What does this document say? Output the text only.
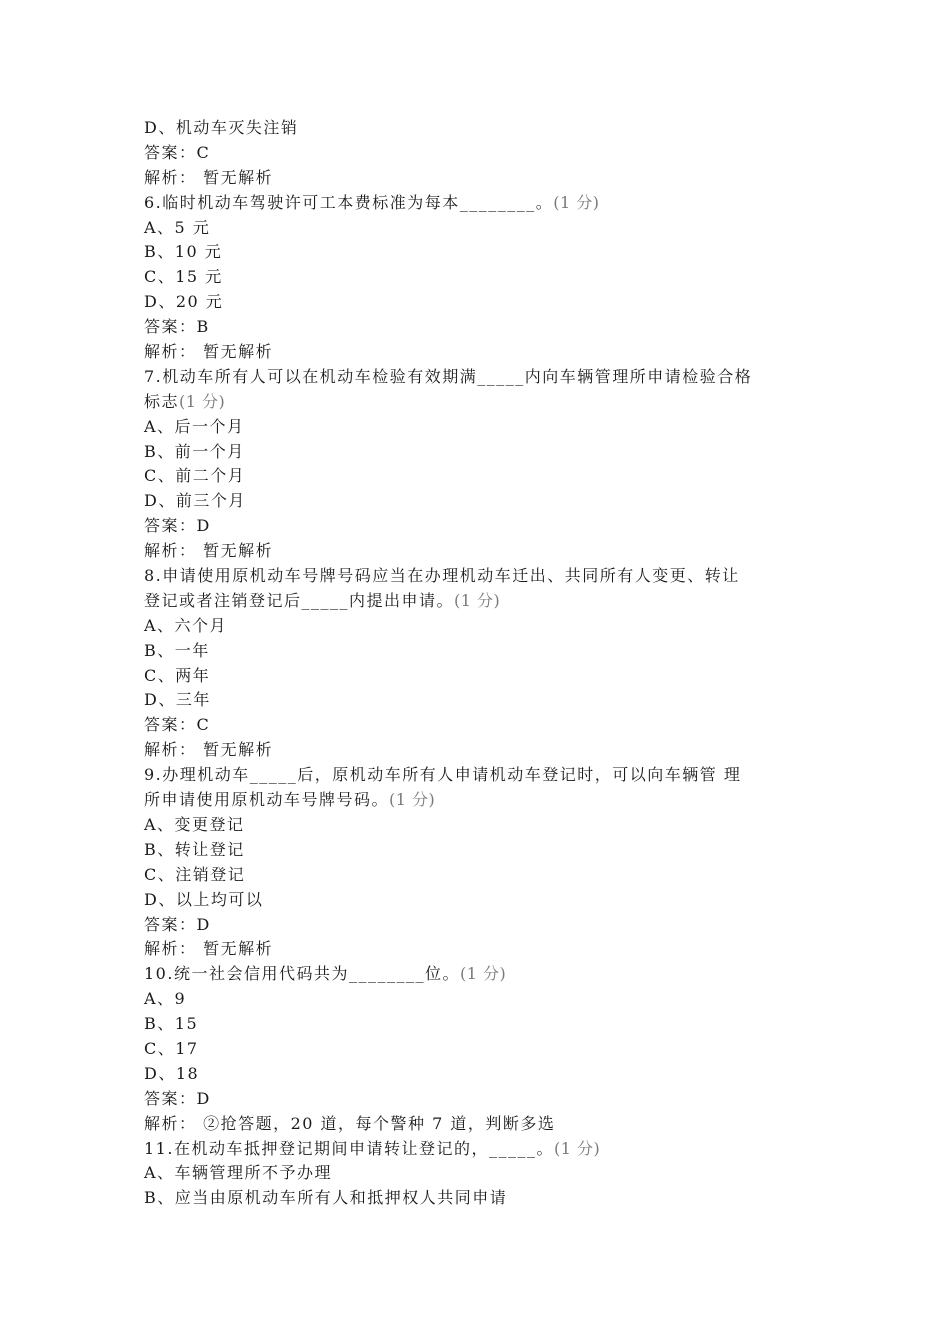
D、机动车灭失注销
答案：C
解析： 暂无解析
6.临时机动车驾驶许可工本费标准为每本________。(1 分)
A、5 元
B、10 元
C、15 元
D、20 元
答案：B
解析： 暂无解析
7.机动车所有人可以在机动车检验有效期满_____内向车辆管理所申请检验合格
标志(1 分)
A、后一个月
B、前一个月
C、前二个月
D、前三个月
答案：D
解析： 暂无解析
8.申请使用原机动车号牌号码应当在办理机动车迁出、共同所有人变更、转让
登记或者注销登记后_____内提出申请。(1 分)
A、六个月
B、一年
C、两年
D、三年
答案：C
解析： 暂无解析
9.办理机动车_____后，原机动车所有人申请机动车登记时，可以向车辆管 理
所申请使用原机动车号牌号码。(1 分)
A、变更登记
B、转让登记
C、注销登记
D、以上均可以
答案：D
解析： 暂无解析
10.统一社会信用代码共为________位。(1 分)
A、9
B、15
C、17
D、18
答案：D
解析： ②抢答题，20 道，每个警种 7 道，判断多选
11.在机动车抵押登记期间申请转让登记的，_____。(1 分)
A、车辆管理所不予办理
B、应当由原机动车所有人和抵押权人共同申请
